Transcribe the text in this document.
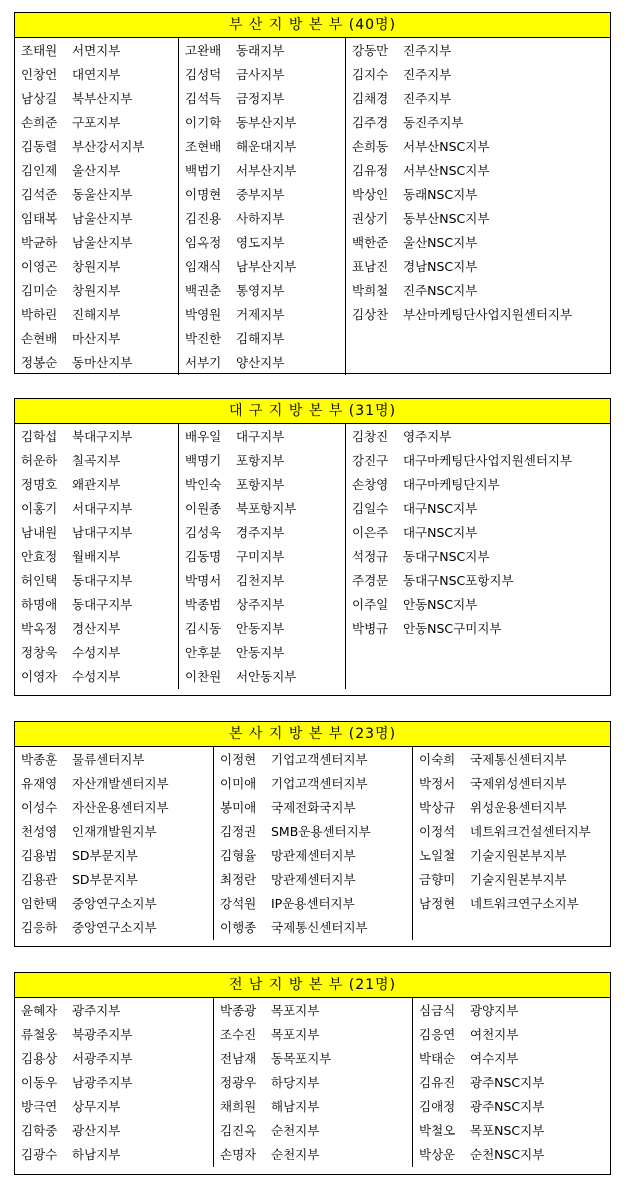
부 산 지 방 본 부 (40명)
조태원	서면지부
인창언	대연지부
남상길	북부산지부
손희준	구포지부
김동렬	부산강서지부
김인제	울산지부
김석준	동울산지부
임태복	남울산지부
박균하	남울산지부
이영곤	창원지부
김미순	창원지부
박하린	진해지부
손현배	마산지부
정봉순	동마산지부
고완배	동래지부
김성덕	금사지부
김석득	금정지부
이기학	동부산지부
조현배	해운대지부
백범기	서부산지부
이명현	중부지부
김진용	사하지부
임옥정	영도지부
임재식	남부산지부
백권춘	통영지부
박영원	거제지부
박진한	김해지부
서부기	양산지부
강동만	진주지부
김지수	진주지부
김채경	진주지부
김주경	동진주지부
손희동	서부산NSC지부
김유정	서부산NSC지부
박상인	동래NSC지부
권상기	동부산NSC지부
백한준	울산NSC지부
표남진	경남NSC지부
박희철	진주NSC지부
김상찬	부산마케팅단사업지원센터지부
대 구 지 방 본 부 (31명)
김학섭	북대구지부
허운하	칠곡지부
정명호	왜관지부
이홍기	서대구지부
남내원	남대구지부
안효정	월배지부
허인택	동대구지부
하명애	동대구지부
박옥정	경산지부
정창욱	수성지부
이영자	수성지부
배우일	대구지부
백명기	포항지부
박인숙	포항지부
이원종	북포항지부
김성욱	경주지부
김동명	구미지부
박명서	김천지부
박종범	상주지부
김시동	안동지부
안후분	안동지부
이찬원	서안동지부
김창진	영주지부
강진구	대구마케팅단사업지원센터지부
손창영	대구마케팅단지부
김일수	대구NSC지부
이은주	대구NSC지부
석정규	동대구NSC지부
주경문	동대구NSC포항지부
이주일	안동NSC지부
박병규	안동NSC구미지부
본 사 지 방 본 부 (23명)
박종훈	물류센터지부
유재영	자산개발센터지부
이성수	자산운용센터지부
천성영	인재개발원지부
김용범	SD부문지부
김용관	SD부문지부
임한택	중앙연구소지부
김응하	중앙연구소지부
이정현	기업고객센터지부
이미애	기업고객센터지부
봉미애	국제전화국지부
김정권	SMB운용센터지부
김형율	망관제센터지부
최정란	망관제센터지부
강석원	IP운용센터지부
이행종	국제통신센터지부
이숙희	국제통신센터지부
박정서	국제위성센터지부
박상규	위성운용센터지부
이정석	네트워크건설센터지부
노일철	기술지원본부지부
금향미	기술지원본부지부
남정현	네트워크연구소지부
전 남 지 방 본 부 (21명)
윤혜자	광주지부
류철웅	북광주지부
김용상	서광주지부
이동우	남광주지부
방극연	상무지부
김학중	광산지부
김광수	하남지부
박종광	목포지부
조수진	목포지부
전남재	동목포지부
정광우	하당지부
채희원	해남지부
김진옥	순천지부
손명자	순천지부
심금식	광양지부
김응연	여천지부
박태순	여수지부
김유진	광주NSC지부
김애정	광주NSC지부
박철오	목포NSC지부
박상운	순천NSC지부
